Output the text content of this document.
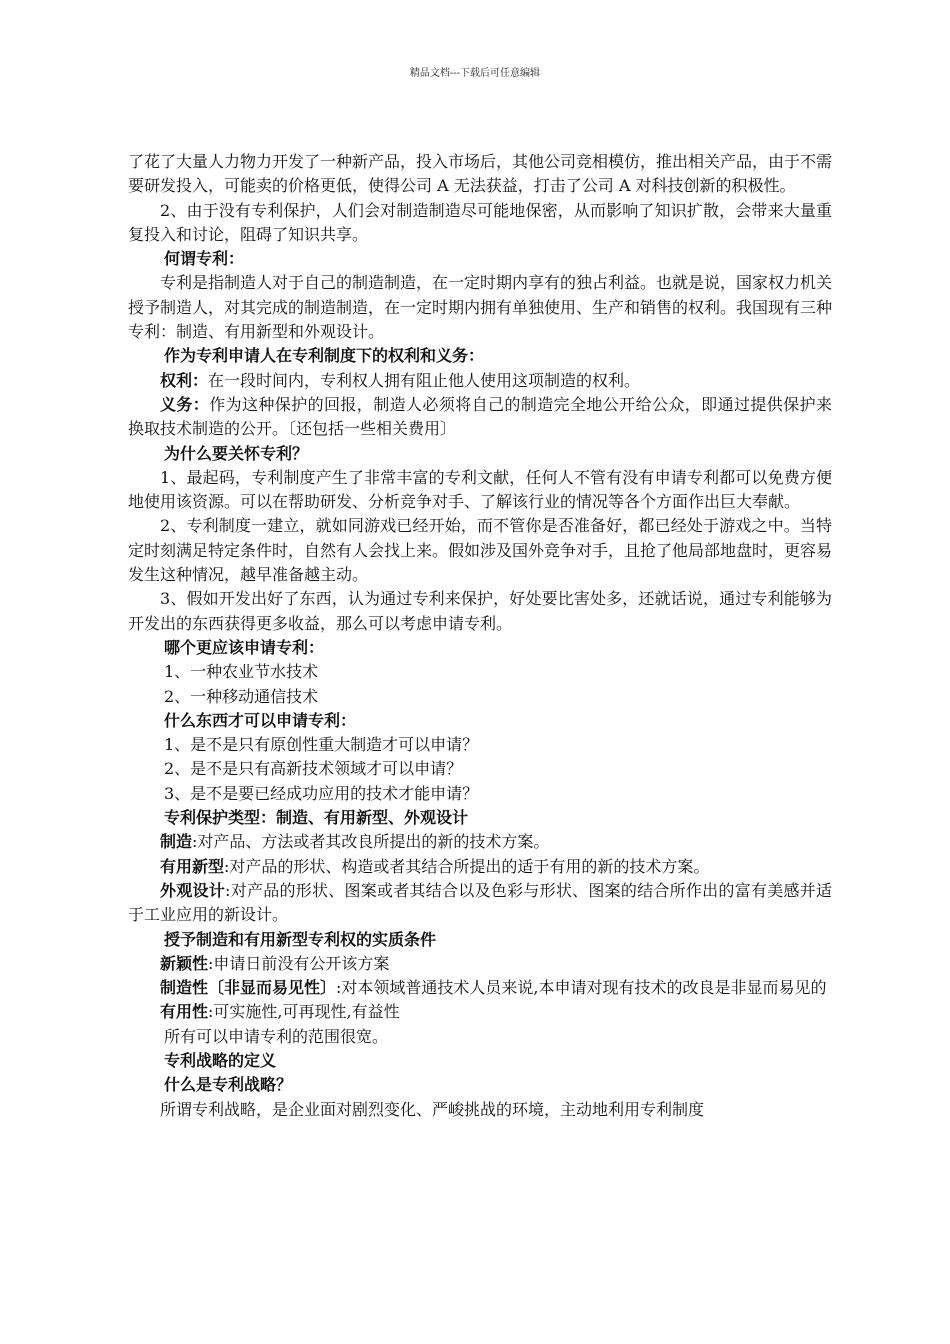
精品文档---下载后可任意编辑

了花了大量人力物力开发了一种新产品，投入市场后，其他公司竞相模仿，推出相关产品，由于不需要研发投入，可能卖的价格更低，使得公司 A 无法获益，打击了公司 A 对科技创新的积极性。

2、由于没有专利保护，人们会对制造制造尽可能地保密，从而影响了知识扩散，会带来大量重复投入和讨论，阻碍了知识共享。

何谓专利：

专利是指制造人对于自己的制造制造，在一定时期内享有的独占利益。也就是说，国家权力机关授予制造人，对其完成的制造制造，在一定时期内拥有单独使用、生产和销售的权利。我国现有三种专利：制造、有用新型和外观设计。

作为专利申请人在专利制度下的权利和义务：

权利：在一段时间内，专利权人拥有阻止他人使用这项制造的权利。

义务：作为这种保护的回报，制造人必须将自己的制造完全地公开给公众，即通过提供保护来换取技术制造的公开。〔还包括一些相关费用〕

为什么要关怀专利？

1、最起码，专利制度产生了非常丰富的专利文献，任何人不管有没有申请专利都可以免费方便地使用该资源。可以在帮助研发、分析竞争对手、了解该行业的情况等各个方面作出巨大奉献。

2、专利制度一建立，就如同游戏已经开始，而不管你是否准备好，都已经处于游戏之中。当特定时刻满足特定条件时，自然有人会找上来。假如涉及国外竞争对手，且抢了他局部地盘时，更容易发生这种情况，越早准备越主动。

3、假如开发出好了东西，认为通过专利来保护，好处要比害处多，还就话说，通过专利能够为开发出的东西获得更多收益，那么可以考虑申请专利。

哪个更应该申请专利：

1、一种农业节水技术

2、一种移动通信技术

什么东西才可以申请专利：

1、是不是只有原创性重大制造才可以申请？

2、是不是只有高新技术领域才可以申请？

3、是不是要已经成功应用的技术才能申请？

专利保护类型：制造、有用新型、外观设计

制造:对产品、方法或者其改良所提出的新的技术方案。

有用新型:对产品的形状、构造或者其结合所提出的适于有用的新的技术方案。

外观设计:对产品的形状、图案或者其结合以及色彩与形状、图案的结合所作出的富有美感并适于工业应用的新设计。

授予制造和有用新型专利权的实质条件

新颖性:申请日前没有公开该方案

制造性〔非显而易见性〕:对本领域普通技术人员来说,本申请对现有技术的改良是非显而易见的

有用性:可实施性,可再现性,有益性

所有可以申请专利的范围很宽。

专利战略的定义

什么是专利战略？

所谓专利战略，是企业面对剧烈变化、严峻挑战的环境，主动地利用专利制度
